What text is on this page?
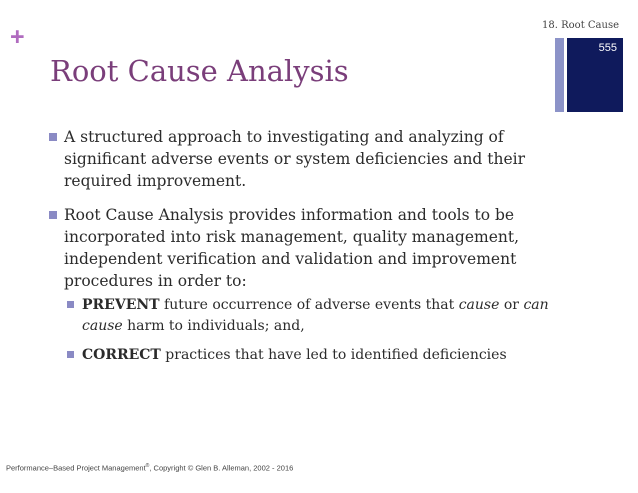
18. Root Cause
+	555
Root Cause Analysis
A structured approach to investigating and analyzing of significant adverse events or system deficiencies and their required improvement.
Root Cause Analysis provides information and tools to be incorporated into risk management, quality management, independent verification and validation and improvement procedures in order to:
PREVENT future occurrence of adverse events that cause or can cause harm to individuals; and,
CORRECT practices that have led to identified deficiencies
Performance–Based Project Management®, Copyright © Glen B. Alleman, 2002 - 2016
